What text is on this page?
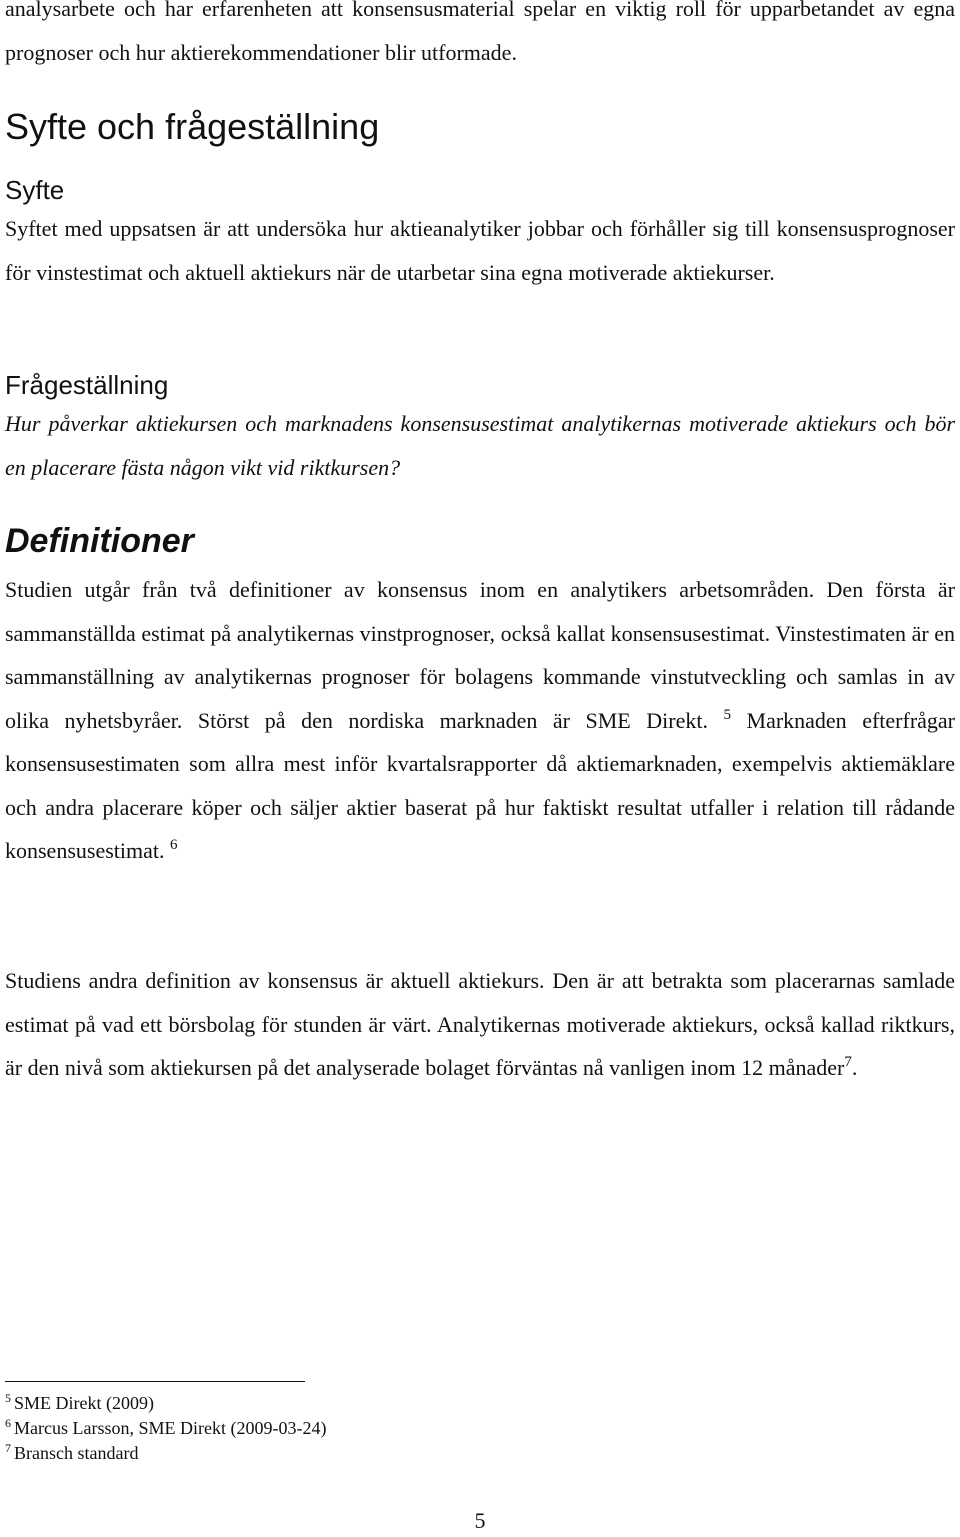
analysarbete och har erfarenheten att konsensusmaterial spelar en viktig roll för upparbetandet av egna prognoser och hur aktierekommendationer blir utformade.

Syfte och frågeställning
Syfte

Syftet med uppsatsen är att undersöka hur aktieanalytiker jobbar och förhåller sig till konsensusprognoser för vinstestimat och aktuell aktiekurs när de utarbetar sina egna motiverade aktiekurser.

Frågeställning

Hur påverkar aktiekursen och marknadens konsensusestimat analytikernas motiverade aktiekurs och bör en placerare fästa någon vikt vid riktkursen?

Definitioner

Studien utgår från två definitioner av konsensus inom en analytikers arbetsområden. Den första är sammanställda estimat på analytikernas vinstprognoser, också kallat konsensusestimat. Vinstestimaten är en sammanställning av analytikernas prognoser för bolagens kommande vinstutveckling och samlas in av olika nyhetsbyråer. Störst på den nordiska marknaden är SME Direkt. $^5$ Marknaden efterfrågar konsensusestimaten som allra mest inför kvartalsrapporter då aktiemarknaden, exempelvis aktiemäklare och andra placerare köper och säljer aktier baserat på hur faktiskt resultat utfaller i relation till rådande konsensusestimat. $^6$

Studiens andra definition av konsensus är aktuell aktiekurs. Den är att betrakta som placerarnas samlade estimat på vad ett börsbolag för stunden är värt. Analytikernas motiverade aktiekurs, också kallad riktkurs, är den nivå som aktiekursen på det analyserade bolaget förväntas nå vanligen inom 12 månader$^7$.

$^5$ SME Direkt (2009)
$^6$ Marcus Larsson, SME Direkt (2009-03-24)
$^7$ Bransch standard
5
